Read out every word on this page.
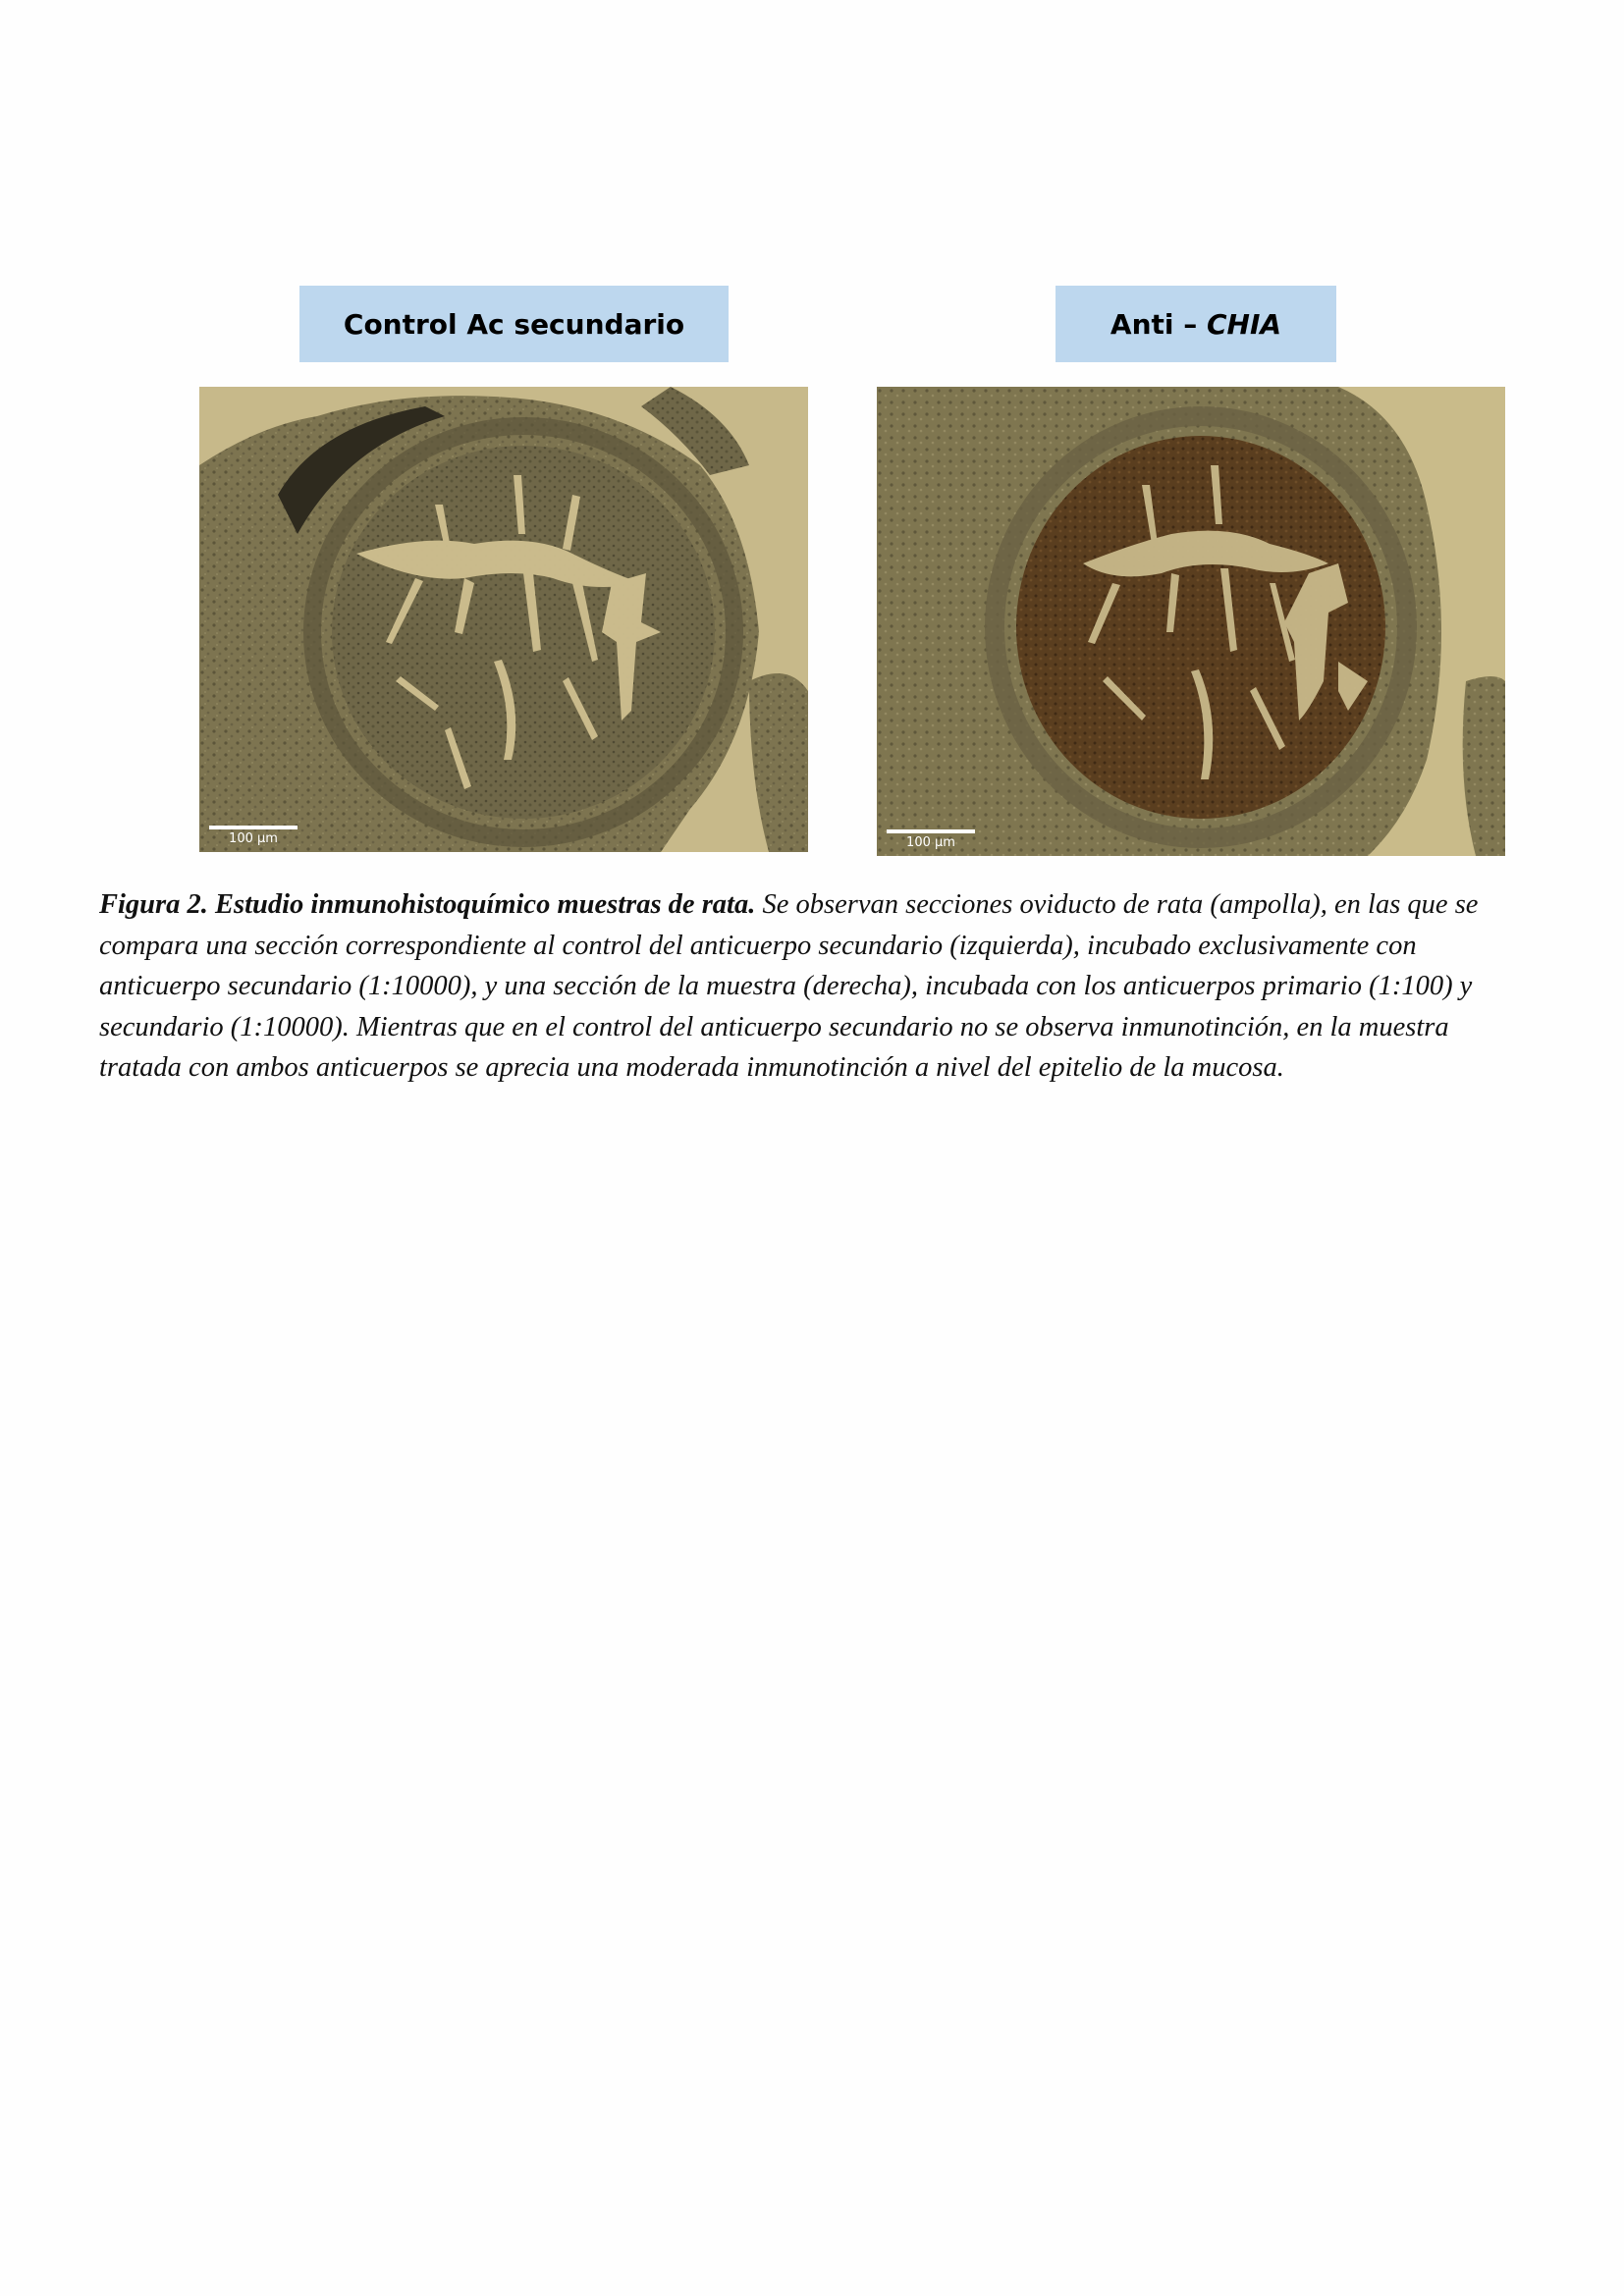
Control Ac secundario	Anti – CHIA
100 µm	100 µm
Figura 2. Estudio inmunohistoquímico muestras de rata. Se observan secciones oviducto de rata (ampolla), en las que se compara una sección correspondiente al control del anticuerpo secundario (izquierda), incubado exclusivamente con anticuerpo secundario (1:10000), y una sección de la muestra (derecha), incubada con los anticuerpos primario (1:100) y secundario (1:10000). Mientras que en el control del anticuerpo secundario no se observa inmunotinción, en la muestra tratada con ambos anticuerpos se aprecia una moderada inmunotinción a nivel del epitelio de la mucosa.
